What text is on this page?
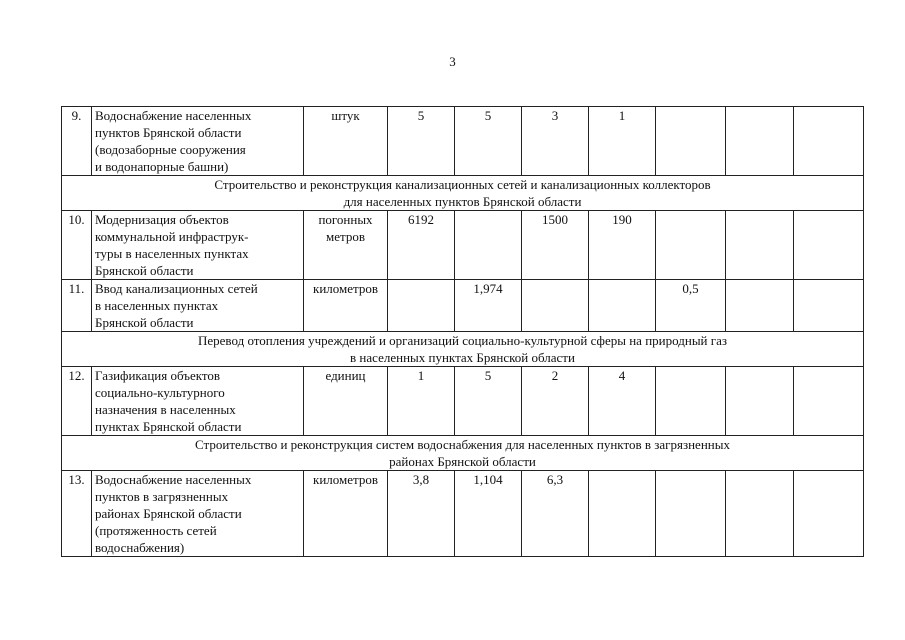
3
9.	Водоснабжение населенных
пунктов Брянской области
(водозаборные сооружения
и водонапорные башни)	штук	5	5	3	1			

Строительство и реконструкция канализационных сетей и канализационных коллекторов
для населенных пунктов Брянской области									

10.	Модернизация объектов
коммунальной инфраструк-
туры в населенных пунктах
Брянской области	погонных
метров	6192		1500	190			
11.	Ввод канализационных сетей
в населенных пунктах
Брянской области	километров		1,974			0,5		

Перевод отопления учреждений и организаций социально-культурной сферы на природный газ
в населенных пунктах Брянской области									

12.	Газификация объектов
социально-культурного
назначения в населенных
пунктах Брянской области	единиц	1	5	2	4			

Строительство и реконструкция систем водоснабжения для населенных пунктов в загрязненных
районах Брянской области									

13.	Водоснабжение населенных
пунктов в загрязненных
районах Брянской области
(протяженность сетей
водоснабжения)	километров	3,8	1,104	6,3				
